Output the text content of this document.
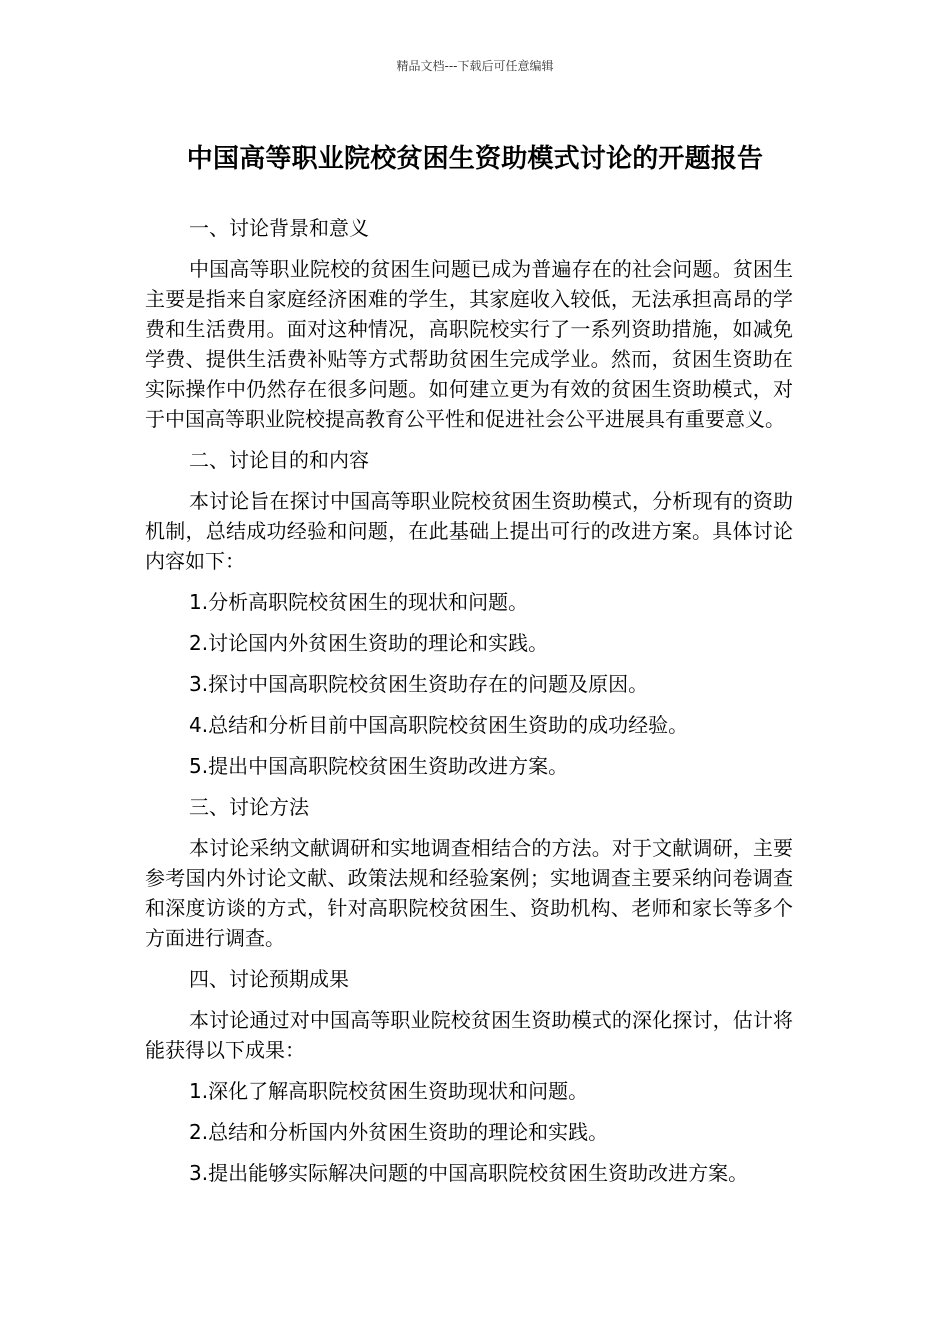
精品文档---下载后可任意编辑
中国高等职业院校贫困生资助模式讨论的开题报告

一、讨论背景和意义

中国高等职业院校的贫困生问题已成为普遍存在的社会问题。贫困生主要是指来自家庭经济困难的学生，其家庭收入较低，无法承担高昂的学费和生活费用。面对这种情况，高职院校实行了一系列资助措施，如减免学费、提供生活费补贴等方式帮助贫困生完成学业。然而，贫困生资助在实际操作中仍然存在很多问题。如何建立更为有效的贫困生资助模式，对于中国高等职业院校提高教育公平性和促进社会公平进展具有重要意义。

二、讨论目的和内容

本讨论旨在探讨中国高等职业院校贫困生资助模式，分析现有的资助机制，总结成功经验和问题，在此基础上提出可行的改进方案。具体讨论内容如下：

1.分析高职院校贫困生的现状和问题。

2.讨论国内外贫困生资助的理论和实践。

3.探讨中国高职院校贫困生资助存在的问题及原因。

4.总结和分析目前中国高职院校贫困生资助的成功经验。

5.提出中国高职院校贫困生资助改进方案。

三、讨论方法

本讨论采纳文献调研和实地调查相结合的方法。对于文献调研，主要参考国内外讨论文献、政策法规和经验案例；实地调查主要采纳问卷调查和深度访谈的方式，针对高职院校贫困生、资助机构、老师和家长等多个方面进行调查。

四、讨论预期成果

本讨论通过对中国高等职业院校贫困生资助模式的深化探讨，估计将能获得以下成果：

1.深化了解高职院校贫困生资助现状和问题。

2.总结和分析国内外贫困生资助的理论和实践。

3.提出能够实际解决问题的中国高职院校贫困生资助改进方案。
